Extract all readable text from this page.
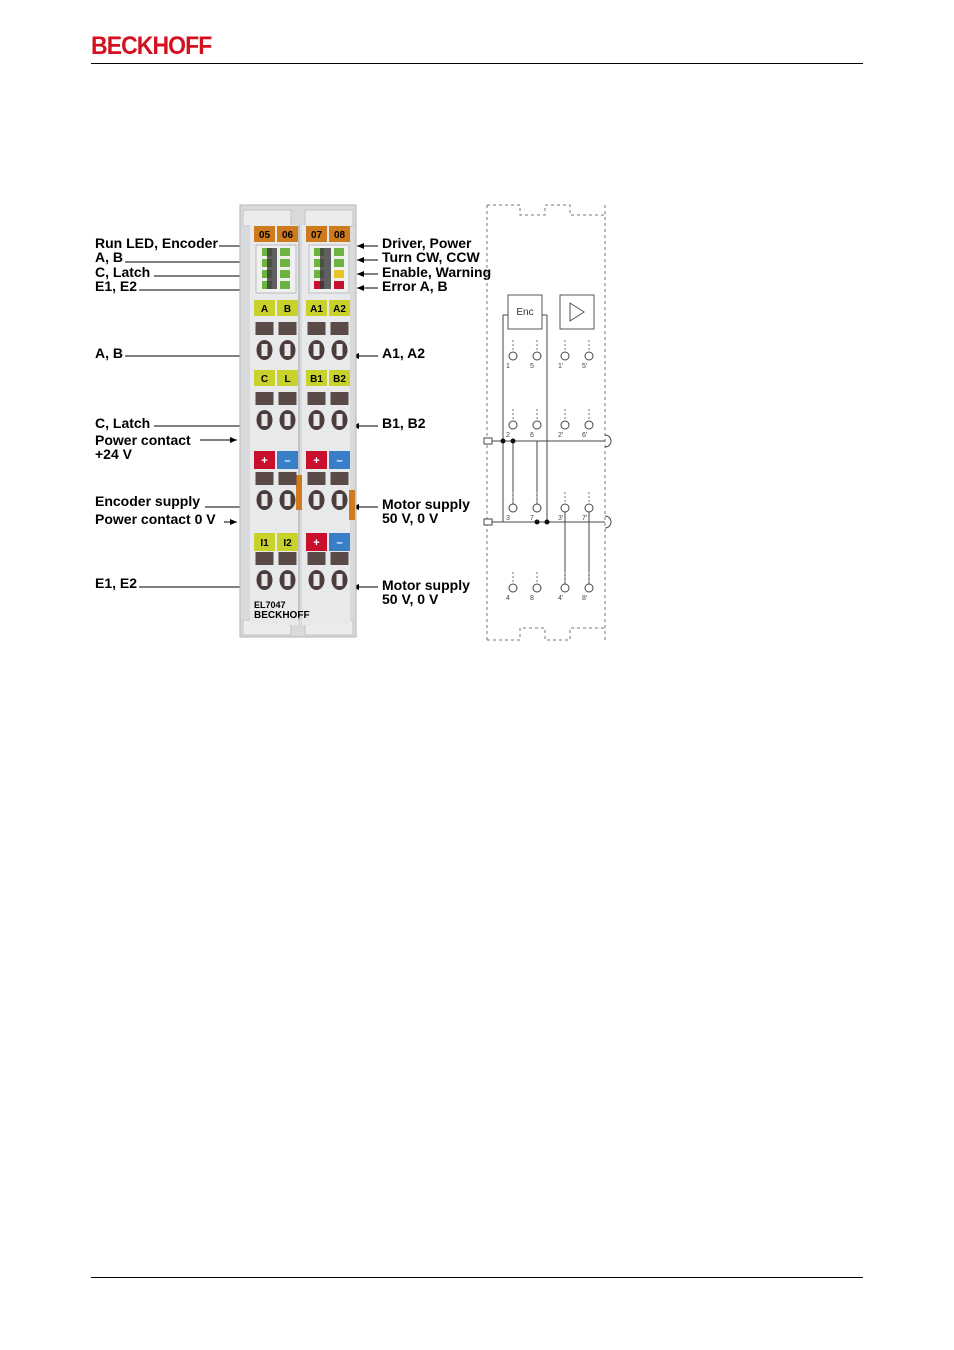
BECKHOFF
Run LED, Encoder
A, B
C, Latch
E1, E2
A, B
C, Latch
Power contact
+24 V
Encoder supply
Power contact 0 V
E1, E2
Driver, Power
Turn CW, CCW
Enable, Warning
Error A, B
A1, A2
B1, B2
Motor supply
50 V, 0 V
Motor supply
50 V, 0 V
05 06 07 08
A B A1 A2
C L B1 B2
+ – + –
I1 I2 + –
EL7047
BECKHOFF
Enc
1	5	1'	5'
2	6	2'	6'
3	7	3'	7'
4	8	4'	8'
